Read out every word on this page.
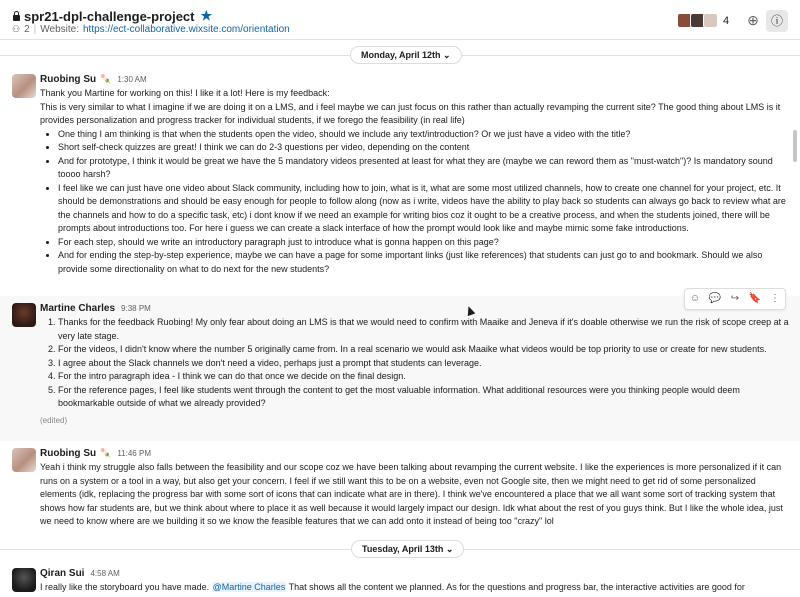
spr21-dpl-challenge-project ★
⚇ 2 | Website: https://ect-collaborative.wixsite.com/orientation
4 ⊕	ⓘ
Monday, April 12th ⌄
Ruobing Su 🍡 1:30 AM

Thank you Martine for working on this! I like it a lot! Here is my feedback:

This is very similar to what I imagine if we are doing it on a LMS, and i feel maybe we can just focus on this rather than actually revamping the current site? The good thing about LMS is it provides personalization and progress tracker for individual students, if we forego the feasibility (in real life)

• One thing I am thinking is that when the students open the video, should we include any text/introduction? Or we just have a video with the title?
• Short self-check quizzes are great! I think we can do 2-3 questions per video, depending on the content
• And for prototype, I think it would be great we have the 5 mandatory videos presented at least for what they are (maybe we can reword them as "must-watch")? Is mandatory sound toooo harsh?
• I feel like we can just have one video about Slack community, including how to join, what is it, what are some most utilized channels, how to create one channel for your project, etc. It should be demonstrations and should be easy enough for people to follow along (now as i write, videos have the ability to play back so students can always go back to review what are the channels and how to do a specific task, etc) i dont know if we need an example for writing bios coz it ought to be a creative process, and when the students joined, there will be prompts about introductions too. For here i guess we can create a slack interface of how the prompt would look like and maybe mimic some fake introductions.
• For each step, should we write an introductory paragraph just to introduce what is gonna happen on this page?
• And for ending the step-by-step experience, maybe we can have a page for some important links (just like references) that students can just go to and bookmark. Should we also provide some directionality on what to do next for the new students?
Martine Charles 9:38 PM
1. Thanks for the feedback Ruobing! My only fear about doing an LMS is that we would need to confirm with Maaike and Jeneva if it's doable otherwise we run the risk of scope creep at a very late stage.
2. For the videos, I didn't know where the number 5 originally came from. In a real scenario we would ask Maaike what videos would be top priority to use or create for new students.
3. I agree about the Slack channels we don't need a video, perhaps just a prompt that students can leverage.
4. For the intro paragraph idea - I think we can do that once we decide on the final design.
5. For the reference pages, I feel like students went through the content to get the most valuable information. What additional resources were you thinking people would deem bookmarkable outside of what we already provided?

(edited)

☺ 💬 ↪ 🔖 ⋮
Ruobing Su 🍡 11:46 PM

Yeah i think my struggle also falls between the feasibility and our scope coz we have been talking about revamping the current website. I like the experiences is more personalized if it can runs on a system or a tool in a way, but also get your concern. I feel if we still want this to be on a website, even not Google site, then we might need to get rid of some personalized elements (idk, replacing the progress bar with some sort of icons that can indicate what are in there). I think we've encountered a place that we all want some sort of tracking system that shows how far students are, but we think about where to place it as well because it would largely impact our design. Idk what about the rest of you guys think. But I like the whole idea, just we need to know where are we building it so we know the feasible features that we can add onto it instead of being too "crazy" lol

Tuesday, April 13th ⌄
Qiran Sui 4:58 AM

I really like the storyboard you have made. @Martine Charles That shows all the content we planned. As for the questions and progress bar, the interactive activities are good for
